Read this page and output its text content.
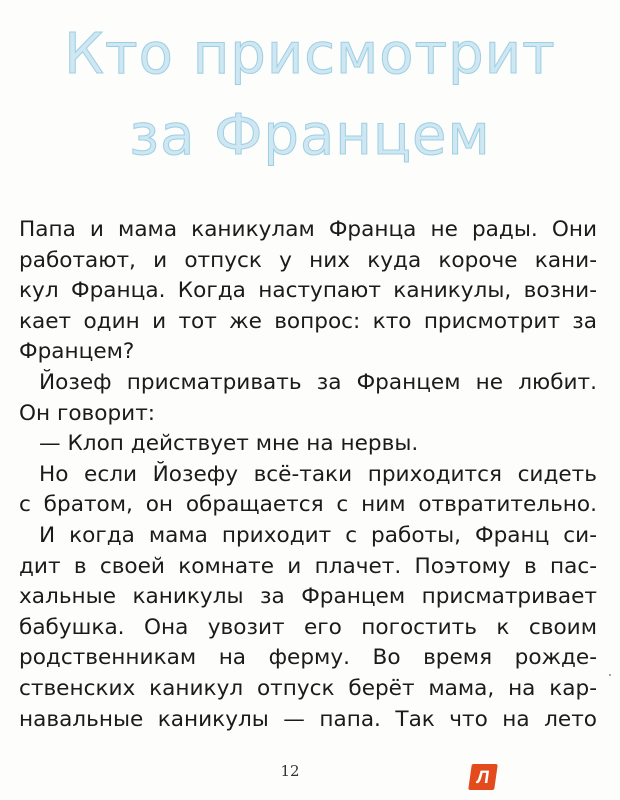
Кто присмотрит
за Францем
Папа и мама каникулам Франца не рады. Они
работают, и отпуск у них куда короче кани-
кул Франца. Когда наступают каникулы, возни-
кает один и тот же вопрос: кто присмотрит за
Францем?
Йозеф присматривать за Францем не любит.
Он говорит:
— Клоп действует мне на нервы.
Но если Йозефу всё-таки приходится сидеть
с братом, он обращается с ним отвратительно.
И когда мама приходит с работы, Франц си-
дит в своей комнате и плачет. Поэтому в пас-
хальные каникулы за Францем присматривает
бабушка. Она увозит его погостить к своим
родственникам на ферму. Во время рожде-
ственских каникул отпуск берёт мама, на кар-
навальные каникулы — папа. Так что на лето
12	Л
